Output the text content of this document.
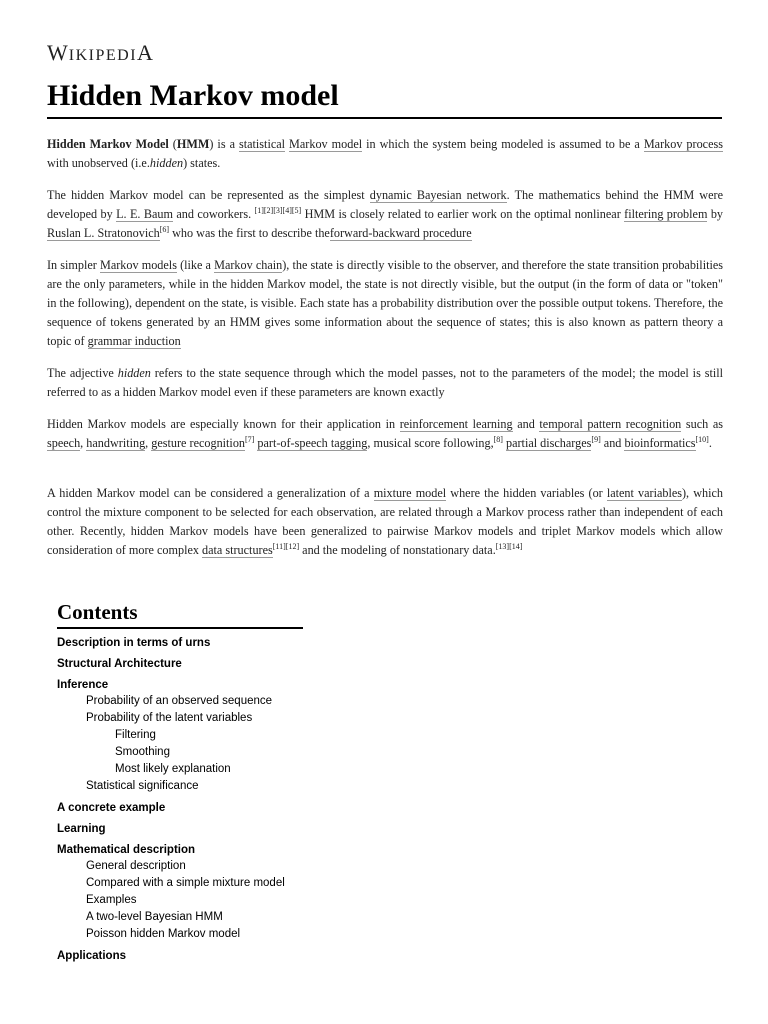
WIKIPEDIA
Hidden Markov model

Hidden Markov Model (HMM) is a statistical Markov model in which the system being modeled is assumed to be a Markov process with unobserved (i.e.hidden) states.

The hidden Markov model can be represented as the simplest dynamic Bayesian network. The mathematics behind the HMM were developed by L. E. Baum and coworkers. [1][2][3][4][5] HMM is closely related to earlier work on the optimal nonlinear filtering problem by Ruslan L. Stratonovich[6] who was the first to describe theforward-backward procedure

In simpler Markov models (like a Markov chain), the state is directly visible to the observer, and therefore the state transition probabilities are the only parameters, while in the hidden Markov model, the state is not directly visible, but the output (in the form of data or "token" in the following), dependent on the state, is visible. Each state has a probability distribution over the possible output tokens. Therefore, the sequence of tokens generated by an HMM gives some information about the sequence of states; this is also known as pattern theory a topic of grammar induction

The adjective hidden refers to the state sequence through which the model passes, not to the parameters of the model; the model is still referred to as a hidden Markov model even if these parameters are known exactly

Hidden Markov models are especially known for their application in reinforcement learning and temporal pattern recognition such as speech, handwriting, gesture recognition[7] part-of-speech tagging, musical score following,[8] partial discharges[9] and bioinformatics[10].

A hidden Markov model can be considered a generalization of a mixture model where the hidden variables (or latent variables), which control the mixture component to be selected for each observation, are related through a Markov process rather than independent of each other. Recently, hidden Markov models have been generalized to pairwise Markov models and triplet Markov models which allow consideration of more complex data structures[11][12] and the modeling of nonstationary data.[13][14]

Contents
Description in terms of urns
Structural Architecture
Inference
Probability of an observed sequence
Probability of the latent variables
Filtering
Smoothing
Most likely explanation
Statistical significance
A concrete example
Learning
Mathematical description
General description
Compared with a simple mixture model
Examples
A two-level Bayesian HMM
Poisson hidden Markov model
Applications
